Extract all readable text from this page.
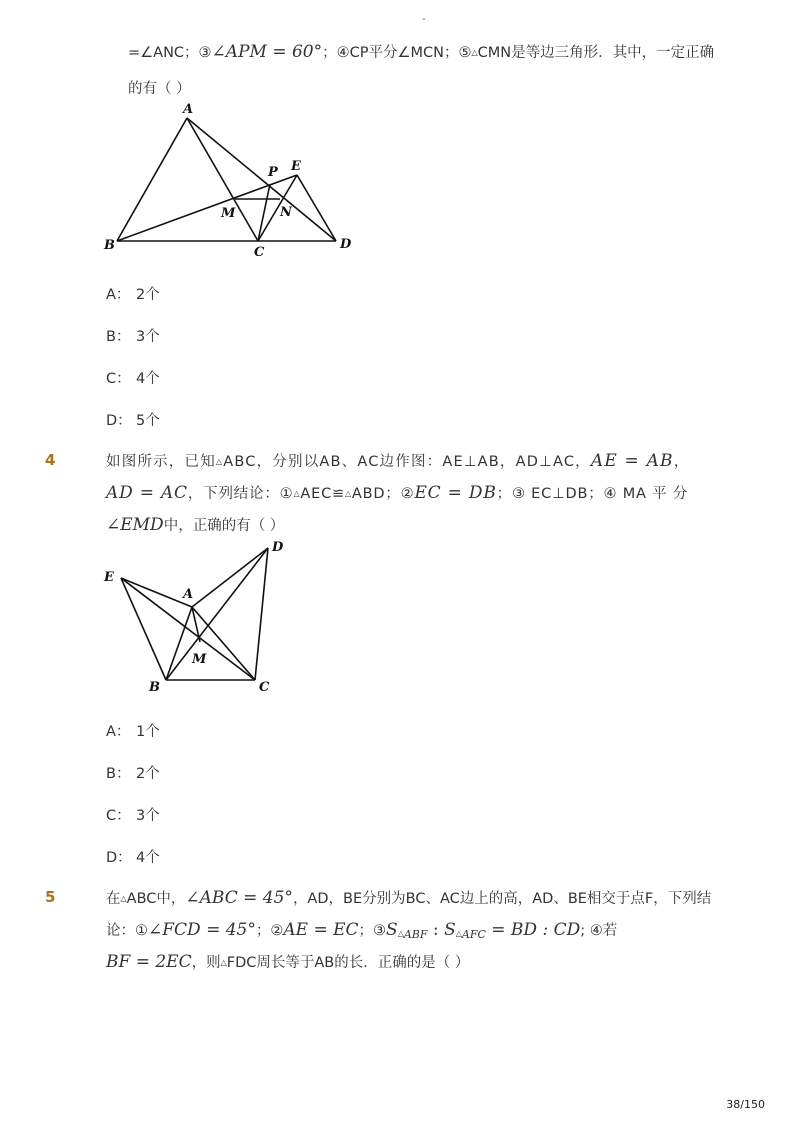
-
=∠ANC；③∠APM = 60°；④CP平分∠MCN；⑤△CMN是等边三角形．其中，一定正确
的有（ ）
A
P E
M	N
B	C
D
A： 2个
B： 3个
C： 4个
D： 5个
4	如图所示，已知△ABC，分别以AB、AC边作图：AE⊥AB，AD⊥AC，AE = AB，
AD = AC，下列结论：①△AEC≌△ABD；②EC = DB；③ EC⊥DB；④ MA 平 分
∠EMD中，正确的有（ ）
E
A
D
M
B	C
A： 1个
B： 2个
C： 3个
D： 4个
5	在△ABC中，∠ABC = 45°，AD，BE分别为BC、AC边上的高，AD、BE相交于点F，下列结
论：①∠FCD = 45°；②AE = EC；$③S_{\triangle ABF}$ : $S_{\triangle AFC}$ = BD : CD; ④若
BF = 2EC，则△FDC周长等于AB的长．正确的是（ ）
38/150
